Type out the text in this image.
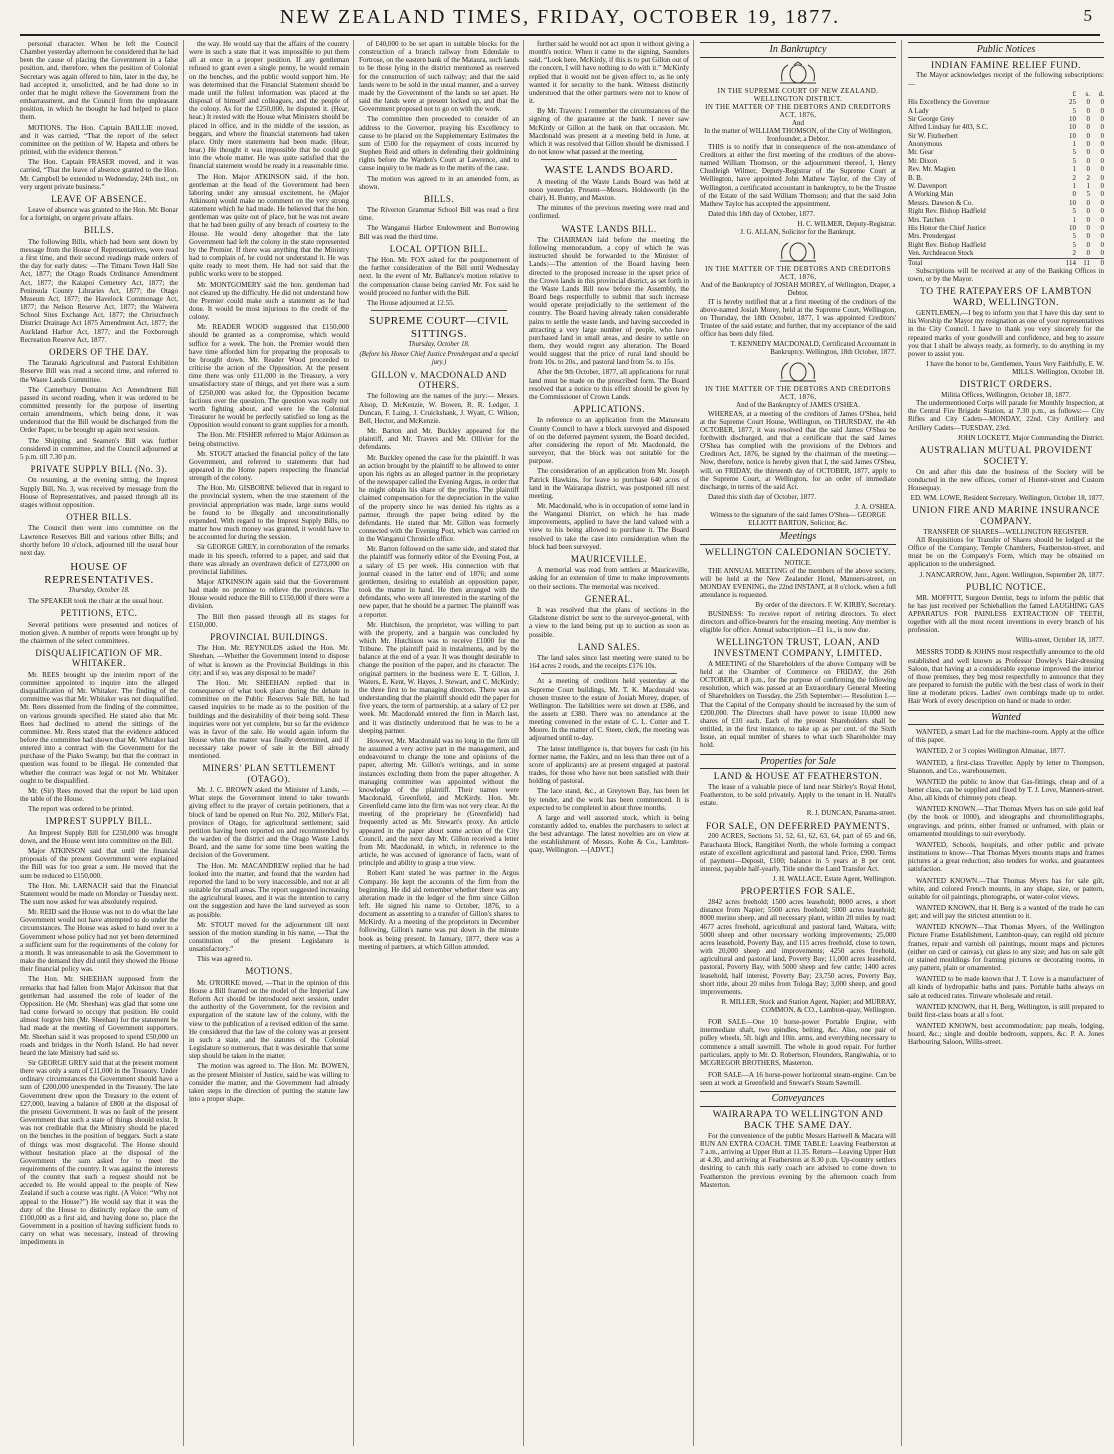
NEW ZEALAND TIMES, FRIDAY, OCTOBER 19, 1877.	5

personal character. When he left the Council Chamber yesterday afternoon he considered that he had been the cause of placing the Government in a false position, and, therefore, when the position of Colonial Secretary was again offered to him, later in the day, he had accepted it, unsolicited, and he had done so in order that he might relieve the Government from the embarrassment, and the Council from the unpleasant position, in which he thought he had helped to place them.

MOTIONS. The Hon. Captain BAILLIE moved, and it was carried, “That the report of the select committee on the petition of W. Hapeta and others be printed, with the evidence thereon.”

The Hon. Captain FRASER moved, and it was carried, “That the leave of absence granted to the Hon. Mr. Campbell be extended to Wednesday, 24th inst., on very urgent private business.”

LEAVE OF ABSENCE.

Leave of absence was granted to the Hon. Mr. Bonar for a fortnight, on urgent private affairs.

BILLS.

The following Bills, which had been sent down by message from the House of Representatives, were read a first time, and their second readings made orders of the day for early dates: —The Timaru Town Hall Site Act, 1877; the Otago Roads Ordinance Amendment Act, 1877; the Kaiapoi Cemetery Act, 1877; the Peninsula County Libraries Act, 1877; the Otago Museum Act, 1877; the Havelock Commonage Act, 1877; the Nelson Reserve Act, 1877; the Waiwera School Sites Exchange Act, 1877; the Christchurch District Drainage Act 1875 Amendment Act, 1877; the Auckland Harbor Act, 1877; and the Foxborough Recreation Reserve Act, 1877.

ORDERS OF THE DAY.

The Taranaki Agricultural and Pastoral Exhibition Reserve Bill was read a second time, and referred to the Waste Lands Committee.

The Canterbury Domains Act Amendment Bill passed its second reading, when it was ordered to be committed presently for the purpose of inserting certain amendments, which being done, it was understood that the Bill would be discharged from the Order Paper, to be brought up again next session.

The Shipping and Seamen's Bill was further considered in committee, and the Council adjourned at 5 p.m. till 7.30 p.m.

PRIVATE SUPPLY BILL (No. 3).

On resuming, at the evening sitting, the Imprest Supply Bill, No. 3, was received by message from the House of Representatives, and passed through all its stages without opposition.

OTHER BILLS.

The Council then went into committee on the Lawrence Reserves Bill and various other Bills; and shortly before 10 o'clock, adjourned till the usual hour next day.

HOUSE OF REPRESENTATIVES.
Thursday, October 18.

The SPEAKER took the chair at the usual hour.

PETITIONS, ETC.

Several petitions were presented and notices of motion given. A number of reports were brought up by the chairmen of the select committees.

DISQUALIFICATION OF MR. WHITAKER.

Mr. REES brought up the interim report of the committee appointed to inquire into the alleged disqualification of Mr. Whitaker. The finding of the committee was that Mr. Whitaker was not disqualified. Mr. Rees dissented from the finding of the committee, on various grounds specified. He stated also that Mr. Rees had declined to attend the sittings of the committee. Mr. Rees stated that the evidence adduced before the committee had shown that Mr. Whitaker had entered into a contract with the Government for the purchase of the Piako Swamp; but that the contract in question was found to be illegal. He contended that whether the contract was legal or not Mr. Whitaker ought to be disqualified.

Mr. (Sir) Rees moved that the report be laid upon the table of the House.

The report was ordered to be printed.

IMPREST SUPPLY BILL.

An Imprest Supply Bill for £250,000 was brought down, and the House went into committee on the Bill.

Major ATKINSON said that until the financial proposals of the present Government were explained the Bill was for too great a sum. He moved that the sum be reduced to £150,000.

The Hon. Mr. LARNACH said that the Financial Statement would be made on Monday or Tuesday next. The sum now asked for was absolutely required.

Mr. REID said the House was not to do what the late Government would not have attempted to do under the circumstances. The House was asked to hand over to a Government whose policy had not yet been determined a sufficient sum for the requirements of the colony for a month. It was unreasonable to ask the Government to make the demand they did until they showed the House their financial policy was.

The Hon. Mr. SHEEHAN supposed from the remarks that had fallen from Major Atkinson that that gentleman had assumed the role of leader of the Opposition. He (Mr. Sheehan) was glad that some one had come forward to occupy that position. He could almost forgive him (Mr. Sheehan) for the statement he had made at the meeting of Government supporters. Mr. Sheehan said it was proposed to spend £50,000 on roads and bridges in the North Island. He had never heard the late Ministry had said so.

Sir GEORGE GREY said that at the present moment there was only a sum of £11,000 in the Treasury. Under ordinary circumstances the Government should have a sum of £200,000 unexpended in the Treasury. The late Government drew upon the Treasury to the extent of £27,000, leaving a balance of £800 at the disposal of the present Government. It was no fault of the present Government that such a state of things should exist. It was not creditable that the Ministry should be placed on the benches in the position of beggars. Such a state of things was most disgraceful. The House should without hesitation place at the disposal of the Government the sum asked for to meet the requirements of the country. It was against the interests of the country that such a request should not be acceded to. He would appeal to the people of New Zealand if such a course was right. (A Voice: “Why not appeal to the House?”) He would say that it was the duty of the House to distinctly replace the sum of £100,000 as a first aid, and having done so, place the Government in a position of having sufficient funds to carry on what was necessary, instead of throwing impediments in

the way. He would say that the affairs of the country were in such a state that it was impossible to put them all at once in a proper position. If any gentleman refused to grant even a single penny, he would remain on the benches, and the public would support him. He was determined that the Financial Statement should be made until the fullest information was placed at the disposal of himself and colleagues, and the people of the colony. As for the £250,000, he disputed it. (Hear, hear.) It rested with the House what Ministers should be placed in office, and in the middle of the session, as beggars, and where the financial statements had taken place. Only mere statements had been made. (Hear, hear.) He thought it was impossible that he could go into the whole matter. He was quite satisfied that the financial statement would be ready in a reasonable time.

The Hon. Major ATKINSON said, if the hon. gentleman at the head of the Government had been laboring under any unusual excitement, he (Major Atkinson) would make no comment on the very strong statement which he had made. He believed that the hon. gentleman was quite out of place, but he was not aware that he had been guilty of any breach of courtesy to the House. He would deny altogether that the late Government had left the colony in the state represented by the Premier. If there was anything that the Ministry had to complain of, he could not understand it. He was quite ready to meet them. He had not said that the public works were to be stopped.

Mr. MONTGOMERY said the hon. gentleman had not cleared up the difficulty. He did not understand how the Premier could make such a statement as he had done. It would be most injurious to the credit of the colony.

Mr. READER WOOD suggested that £150,000 should be granted as a compromise, which would suffice for a week. The hon. the Premier would then have time afforded him for preparing the proposals to be brought down. Mr. Reader Wood proceeded to criticise the action of the Opposition. At the present time there was only £11,000 in the Treasury, a very unsatisfactory state of things, and yet there was a sum of £250,000 was asked for, the Opposition became factious over the question. The question was really not worth fighting about, and were he the Colonial Treasurer he would be perfectly satisfied so long as the Opposition would consent to grant supplies for a month.

The Hon. Mr. FISHER referred to Major Atkinson as being obstructive.

Mr. STOUT attacked the financial policy of the late Government, and referred to statements that had appeared in the Home papers respecting the financial strength of the colony.

The Hon. Mr. GISBORNE believed that in regard to the provincial system, when the true statement of the provincial appropriation was made, large sums would be found to be illegally and unconstitutionally expended. With regard to the Imprest Supply Bills, no matter how much money was granted, it would have to be accounted for during the session.

Sir GEORGE GREY, in corroboration of the remarks made in his speech, referred to a paper, and said that there was already an overdrawn deficit of £273,000 on provincial liabilities.

Major ATKINSON again said that the Government had made no promise to relieve the provinces. The House would reduce the Bill to £150,000 if there were a division.

The Bill then passed through all its stages for £150,000.

PROVINCIAL BUILDINGS.

The Hon. Mr. REYNOLDS asked the Hon. Mr. Sheehan, —Whether the Government intend to dispose of what is known as the Provincial Buildings in this city; and if so, was any disposal to be made?

The Hon. Mr. SHEEHAN replied that in consequence of what took place during the debate in committee on the Public Reserves Sale Bill, he had caused inquiries to be made as to the position of the buildings and the desirability of their being sold. These inquiries were not yet complete, but so far the evidence was in favor of the sale. He would again inform the House when the matter was finally determined, and if necessary take power of sale in the Bill already mentioned.

MINERS' PLAN SETTLEMENT (OTAGO).

Mr. J. C. BROWN asked the Minister of Lands, —What steps the Government intend to take towards giving effect to the prayer of certain petitioners, that a block of land be opened on Run No. 202, Miller's Flat, province of Otago, for agricultural settlement; said petition having been reported on and recommended by the warden of the district and the Otago Waste Lands Board, and the same for some time been waiting the decision of the Government.

The Hon. Mr. MACANDREW replied that he had looked into the matter, and found that the warden had reported the land to be very inaccessible, and not at all suitable for small areas. The report suggested increasing the agricultural leases, and it was the intention to carry out the suggestion and have the land surveyed as soon as possible.

Mr. STOUT moved for the adjournment till next session of the motion standing in his name, —That the constitution of the present Legislature is unsatisfactory.”

This was agreed to.

MOTIONS.

Mr. O'RORKE moved, —That in the opinion of this House a Bill framed on the model of the Imperial Law Reform Act should be introduced next session, under the authority of the Government, for the revision and expurgation of the statute law of the colony, with the view to the publication of a revised edition of the same. He considered that the law of the colony was at present in such a state, and the statutes of the Colonial Legislature so numerous, that it was desirable that some step should be taken in the matter.

The motion was agreed to. The Hon. Mr. BOWEN, as the present Minister of Justice, said he was willing to consider the matter, and the Government had already taken steps in the direction of putting the statute law into a proper shape.

of £40,000 to be set apart in suitable blocks for the construction of a branch railway from Edendale to Fortrose, on the eastern bank of the Mataura, such lands to be those lying in the district mentioned as reserved for the construction of such railway; and that the said lands were to be sold in the usual manner, and a survey made by the Government of the lands so set apart. He said the lands were at present locked up, and that the Government proposed not to go on with the work.

The committee then proceeded to consider of an address to the Governor, praying his Excellency to cause to be placed on the Supplementary Estimates the sum of £500 for the repayment of costs incurred by Stephen Reid and others in defending their goldmining rights before the Warden's Court at Lawrence, and to cause inquiry to be made as to the merits of the case.

The motion was agreed to in an amended form, as shown.

BILLS.

The Riverton Grammar School Bill was read a first time.

The Wanganui Harbor Endowment and Borrowing Bill was read the third time.

LOCAL OPTION BILL.

The Hon. Mr. FOX asked for the postponement of the further consideration of the Bill until Wednesday next. In the event of Mr. Ballance's motion relative to the compensation clause being carried Mr. Fox said he would proceed no further with the Bill.

The House adjourned at 12.55.

SUPREME COURT—CIVIL SITTINGS.
Thursday, October 18.
(Before his Honor Chief Justice Prendergast and a special jury.)
GILLON v. MACDONALD AND OTHERS.

The following are the names of the jury:— Messrs. Alsop, D. McKenzie, W. Bowen, R. R. Ledger, J. Duncan, F. Laing, J. Cruickshank, J. Wyatt, C. Wilson, Bell, Hector, and McKenzie.

Mr. Barton and Mr. Buckley appeared for the plaintiff, and Mr. Travers and Mr. Ollivier for the defendants.

Mr. Buckley opened the case for the plaintiff. It was an action brought by the plaintiff to be allowed to enter upon his rights as an alleged partner in the proprietary of the newspaper called the Evening Argus, in order that he might obtain his share of the profits. The plaintiff claimed compensation for the depreciation in the value of the property since he was denied his rights as a partner, through the paper being edited by the defendants. He stated that Mr. Gillon was formerly connected with the Evening Post, which was carried on in the Wanganui Chronicle office.

Mr. Barton followed on the same side, and stated that the plaintiff was formerly editor of the Evening Post, at a salary of £5 per week. His connection with that journal ceased in the latter end of 1876; and some gentlemen, desiring to establish an opposition paper, took the matter in hand. He then arranged with the defendants, who were all interested in the starting of the new paper, that he should be a partner. The plaintiff was a reporter.

Mr. Hutchison, the proprietor, was willing to part with the property, and a bargain was concluded by which Mr. Hutchison was to receive £1000 for the Tribune. The plaintiff paid in instalments, and by the balance at the end of a year. It was thought desirable to change the position of the paper, and its character. The original partners in the business were E. T. Gillon, J. Waters, E. Kent, W. Hayes, J. Stewart, and C. McKirdy; the three first to be managing directors. There was an understanding that the plaintiff should edit the paper for five years, the term of partnership, at a salary of £2 per week. Mr. Macdonald entered the firm in March last, and it was distinctly understood that he was to be a sleeping partner.

However, Mr. Macdonald was no long in the firm till he assumed a very active part in the management, and endeavoured to change the tone and opinions of the paper, altering Mr. Gillon's writings, and in some instances excluding them from the paper altogether. A managing committee was appointed without the knowledge of the plaintiff. Their names were Macdonald, Greenfield, and McKirdy. Hon. Mr. Greenfield came into the firm was not very clear. At the meeting of the proprietary he (Greenfield) had frequently acted as Mr. Stewart's proxy. An article appeared in the paper about some action of the City Council, and the next day Mr. Gillon received a letter from Mr. Macdonald, in which, in reference to the article, he was accused of ignorance of facts, want of principle and ability to grasp a true view.

Robert Kant stated he was partner in the Argus Company. He kept the accounts of the firm from the beginning. He did aid remember whether there was any alteration made in the ledger of the firm since Gillon left. He signed his name to October, 1876, to a document as assenting to a transfer of Gillon's shares to McKirdy. At a meeting of the proprietors in December following, Gillon's name was put down in the minute book as being present. In January, 1877, there was a meeting of partners, at which Gillon attended.

further said he would not act upon it without giving a month's notice. When it came to the signing, Saunders said, “Look here, McKirdy, if this is to put Gillon out of the concern, I will have nothing to do with it.” McKirdy replied that it would not be given effect to, as he only wanted it for security to the bank. Witness distinctly understood that the other partners were not to know of it.

By Mr. Travers: I remember the circumstances of the signing of the guarantee at the bank. I never saw McKirdy or Gillon at the bank on that occasion. Mr. Macdonald was present at a meeting held in June, at which it was resolved that Gillon should be dismissed. I do not know what passed at the meeting.

WASTE LANDS BOARD.

A meeting of the Waste Lands Board was held at noon yesterday. Present—Messrs. Holdsworth (in the chair), H. Bunny, and Maxton.

The minutes of the previous meeting were read and confirmed.

WASTE LANDS BILL.

The CHAIRMAN laid before the meeting the following memorandum, a copy of which he was instructed should be forwarded to the Minister of Lands:—The attention of the Board having been directed to the proposed increase in the upset price of the Crown lands in this provincial district, as set forth in the Waste Lands Bill now before the Assembly, the Board begs respectfully to submit that such increase would operate prejudicially to the settlement of the country. The Board having already taken considerable pains to settle the waste lands, and having succeeded in attracting a very large number of people, who have purchased land in small areas, and desire to settle on them, they would regret any alteration. The Board would suggest that the price of rural land should be from 10s. to 20s., and pastoral land from 5s. to 15s.

After the 9th October, 1877, all applications for rural land must be made on the prescribed form. The Board resolved that a notice to this effect should be given by the Commissioner of Crown Lands.

APPLICATIONS.

In reference to an application from the Manawatu County Council to have a block surveyed and disposed of on the deferred payment system, the Board decided, after considering the report of Mr. Macdonald, the surveyor, that the block was not suitable for the purpose.

The consideration of an application from Mr. Joseph Patrick Hawkins, for leave to purchase 640 acres of land in the Wairarapa district, was postponed till next meeting.

Mr. Macdonald, who is in occupation of some land in the Wanganui District, on which he has made improvements, applied to have the land valued with a view to his being allowed to purchase it. The Board resolved to take the case into consideration when the block had been surveyed.

MAURICEVILLE.

A memorial was read from settlers at Mauriceville, asking for an extension of time to make improvements on their sections. The memorial was received.

GENERAL.

It was resolved that the plans of sections in the Gladstone district be sent to the surveyor-general, with a view to the land being put up to auction as soon as possible.

LAND SALES.

The land sales since last meeting were stated to be 164 acres 2 roods, and the receipts £176 10s.

At a meeting of creditors held yesterday at the Supreme Court buildings, Mr. T. K. Macdonald was chosen trustee to the estate of Josiah Morey, draper, of Wellington. The liabilities were set down at £586, and the assets at £380. There was no attendance at the meeting convened in the estate of C. L. Cotter and T. Moore. In the matter of C. Steen, clerk, the meeting was adjourned until to-day.

The latest intelligence is, that buyers for cash (in his former name, the Fakirs, and no less than three out of a score of applicants) are at present engaged at pastoral trades, for those who have not been satisfied with their holding of pastoral.

The lace stand, &c., at Greytown Bay, has been let by tender, and the work has been commenced. It is expected to be completed in about three months.

A large and well assorted stock, which is being constantly added to, enables the purchasers to select at the best advantage. The latest novelties are on view at the establishment of Messrs. Kohn & Co., Lambton-quay, Wellington. —[ADVT.]

In Bankruptcy
IN THE SUPREME COURT OF NEW ZEALAND. WELLINGTON DISTRICT.
IN THE MATTER OF THE DEBTORS AND CREDITORS ACT, 1876,
And
In the matter of WILLIAM THOMSON, of the City of Wellington, Ironfounder, a Debtor.

THIS is to notify that in consequence of the non-attendance of Creditors at either the first meeting of the creditors of the above-named William Thomson, or the adjournment thereof, I, Henry Chudleigh Wilmer, Deputy-Registrar of the Supreme Court at Wellington, have appointed John Mathew Taylor, of the City of Wellington, a certificated accountant in bankruptcy, to be the Trustee of the Estate of the said William Thomson; and that the said John Mathew Taylor has accepted the appointment.

Dated this 18th day of October, 1877.

H. C. WILMER, Deputy-Registrar.
J. G. ALLAN, Solicitor for the Bankrupt.
IN THE MATTER OF THE DEBTORS AND CREDITORS ACT, 1876,
And of the Bankruptcy of JOSIAH MOREY, of Wellington, Draper, a Debtor.

IT is hereby notified that at a first meeting of the creditors of the above-named Josiah Morey, held at the Supreme Court, Wellington, on Thursday, the 18th October, 1877, I was appointed Creditors' Trustee of the said estate; and further, that my acceptance of the said office has been duly filed.

T. KENNEDY MACDONALD, Certificated Accountant in Bankruptcy. Wellington, 18th October, 1877.
IN THE MATTER OF THE DEBTORS AND CREDITORS ACT, 1876,
And of the Bankruptcy of JAMES O'SHEA.

WHEREAS, at a meeting of the creditors of James O'Shea, held at the Supreme Court House, Wellington, on THURSDAY, the 4th OCTOBER, 1877, it was resolved that the said James O'Shea be forthwith discharged, and that a certificate that the said James O'Shea has complied with the provisions of the Debtors and Creditors Act, 1876, be signed by the chairman of the meeting:—Now, therefore, notice is hereby given that I, the said James O'Shea, will, on FRIDAY, the thirteenth day of OCTOBER, 1877, apply to the Supreme Court, at Wellington, for an order of immediate discharge, in terms of the said Act.

Dated this sixth day of October, 1877.

J. A. O'SHEA.
Witness to the signature of the said James O'Shea— GEORGE ELLIOTT BARTON, Solicitor, &c.
Meetings
WELLINGTON CALEDONIAN SOCIETY.
NOTICE.

THE ANNUAL MEETING of the members of the above society, will be held at the New Zealander Hotel, Manners-street, on MONDAY EVENING, the 22nd INSTANT, at 8 o'clock, when a full attendance is requested.

By order of the directors. F. W. KIRBY, Secretary.

BUSINESS: To receive report of retiring directors. To elect directors and office-bearers for the ensuing meeting. Any member is eligible for office. Annual subscription—£1 1s., is now due.

WELLINGTON TRUST, LOAN, AND INVESTMENT COMPANY, LIMITED.

A MEETING of the Shareholders of the above Company will be held at the Chamber of Commerce on FRIDAY, the 26th OCTOBER, at 8 p.m., for the purpose of confirming the following resolution, which was passed at an Extraordinary General Meeting of Shareholders on Tuesday, the 25th September:— Resolution I.—That the Capital of the Company should be increased by the sum of £200,000. The Directors shall have power to issue 10,000 new shares of £10 each. Each of the present Shareholders shall be entitled, in the first instance, to take up as per cent. of the Sixth Issue, an equal number of shares to what such Shareholder may hold.

Properties for Sale
LAND & HOUSE AT FEATHERSTON.

The lease of a valuable piece of land near Shirley's Royal Hotel, Featherston, to be sold privately. Apply to the tenant in H. Nutall's estate.

R. J. DUNCAN, Panama-street.
FOR SALE, ON DEFERRED PAYMENTS.

200 ACRES, Sections 51, 52, 61, 62, 63, 64, part of 65 and 66, Parachauta Block, Rangitikei North, the whole forming a compact estate of excellent agricultural and pastoral land. Price, £900. Terms of payment—Deposit, £100; balance in 5 years at 8 per cent. interest, payable half-yearly. Title under the Land Transfer Act.

J. H. WALLACE, Estate Agent, Wellington.
PROPERTIES FOR SALE.

2842 acres freehold; 1500 acres leasehold; 8000 acres, a short distance from Napier; 5500 acres freehold; 5000 acres leasehold; 8000 merino sheep, and all necessary plant, within 20 miles by road; 4677 acres freehold, agricultural and pastoral land, Waitara, with; 5000 sheep and other necessary working improvements; 25,000 acres leasehold, Poverty Bay, and 115 acres freehold, close to town, with 20,000 sheep and improvements; 4250 acres freehold, agricultural and pastoral land, Poverty Bay; 11,000 acres leasehold, pastoral, Poverty Bay, with 5000 sheep and few cattle; 1400 acres leasehold, half interest, Poverty Bay; 23,750 acres, Poverty Bay, short title, about 20 miles from Tologa Bay; 3,000 sheep, and good improvements.

R. MILLER, Stock and Station Agent, Napier; and MURRAY, COMMON, & CO., Lambton-quay, Wellington.

FOR SALE—One 10 horse-power Portable Engine, with intermediate shaft, two spindles, belting, &c. Also, one pair of pulley wheels, 5ft. high and 10in. arms, and everything necessary to commence a small sawmill. The whole in good repair. For further particulars, apply to Mr. D. Robertson, Flounders, Rangiwahia, or to MCGREGOR BROTHERS, Masterton.

FOR SALE—A 16 horse-power horizontal steam-engine. Can be seen at work at Greenfield and Stewart's Steam Sawmill.

Conveyances
WAIRARAPA TO WELLINGTON AND BACK THE SAME DAY.

For the convenience of the public Messrs Hartwell & Macara will RUN AN EXTRA COACH. TIME TABLE: Leaving Featherston at 7 a.m., arriving at Upper Hutt at 11.35. Return—Leaving Upper Hutt at 4.30, and arriving at Featherston at 8.30 p.m. Up-country settlers desiring to catch this early coach are advised to come down to Featherston the previous evening by the afternoon coach from Masterton.

Public Notices
INDIAN FAMINE RELIEF FUND.

The Mayor acknowledges receipt of the following subscriptions:—

	£	s.	d.
His Excellency the Governor	25	0	0
A Lady	5	0	0
Sir George Grey	10	0	0
Alfred Lindsay for 403, S.C.	10	0	0
Sir W. Fitzherbert	10	0	0
Anonymous	1	0	0
Mr. Gear	5	0	0
Mr. Dixon	5	0	0
Rev. Mr. Magien	1	0	0
B. B.	2	2	0
W. Davenport	1	1	0
A Working Man	0	5	0
Messrs. Dawson & Co.	10	0	0
Right Rev. Bishop Hadfield	5	0	0
Mrs. Tatchen	1	0	0
His Honor the Chief Justice	10	0	0
Mrs. Prendergast	5	0	0
Right Rev. Bishop Hadfield	5	0	0
Ven. Archdeacon Stock	2	0	0
Total	114	11	0

Subscriptions will be received at any of the Banking Offices in town, or by the Mayor.

TO THE RATEPAYERS OF LAMBTON WARD, WELLINGTON.

GENTLEMEN,—I beg to inform you that I have this day sent to his Worship the Mayor my resignation as one of your representatives in the City Council. I have to thank you very sincerely for the repeated marks of your goodwill and confidence, and beg to assure you that I shall be always ready, as formerly, to do anything in my power to assist you.

I have the honor to be, Gentlemen, Yours Very Faithfully, E. W. MILLS. Wellington, October 18.
DISTRICT ORDERS.
Militia Offices, Wellington, October 18, 1877.

The undermentioned Corps will parade for Monthly Inspection, at the Central Fire Brigade Station, at 7.30 p.m., as follows:— City Rifles and City Cadets—MONDAY, 22nd. City Artillery and Artillery Cadets—TUESDAY, 23rd.

JOHN LOCKETT, Major Commanding the District.
AUSTRALIAN MUTUAL PROVIDENT SOCIETY.

On and after this date the business of the Society will be conducted in the new offices, corner of Hunter-street and Custom Housequay.

ED. WM. LOWE, Resident Secretary. Wellington, October 18, 1877.
UNION FIRE AND MARINE INSURANCE COMPANY.
TRANSFER OF SHARES—WELLINGTON REGISTER.

All Requisitions for Transfer of Shares should be lodged at the Office of the Company, Temple Chambers, Featherston-street, and must be on the Company's Form, which may be obtained on application to the undersigned.

J. NANCARROW, Junr., Agent. Wellington, September 28, 1877.
PUBLIC NOTICE.

MR. MOFFITT, Surgeon Dentist, begs to inform the public that he has just received per Schiehallion the famed LAUGHING GAS APPARATUS FOR PAINLESS EXTRACTION OF TEETH, together with all the most recent inventions in every branch of his profession.

Willis-street, October 18, 1877.

MESSRS TODD & JOHNS most respectfully announce to the old established and well known as Professor Dowley's Hair-dressing Saloon, that having at a considerable expense improved the interior of those premises, they beg most respectfully to announce that they are prepared to furnish the public with the best class of work in their line at moderate prices. Ladies' own combings made up to order. Hair Work of every description on hand or made to order.

Wanted

WANTED, a smart Lad for the machine-room. Apply at the office of this paper.

WANTED, 2 or 3 copies Wellington Almanac, 1877.

WANTED, a first-class Traveller. Apply by letter to Thompson, Shannon, and Co., warehousemen.

WANTED the public to know that Gas-fittings, cheap and of a better class, can be supplied and fixed by T. J. Love, Manners-street. Also, all kinds of chimney pots cheap.

WANTED KNOWN.—That Thomas Myers has on sale gold leaf (by the book or 1000), and ideographs and chromolithographs, engravings, and prints, either framed or unframed, with plain or ornamented mouldings to suit everybody.

WANTED, Schools, hospitals, and other public and private institutions to know—That Thomas Myers mounts maps and frames pictures at a great reduction; also tenders for works, and guarantees satisfaction.

WANTED KNOWN.—That Thomas Myers has for sale gilt, white, and colored French mounts, in any shape, size, or pattern, suitable for oil paintings, photographs, or water-color views.

WANTED KNOWN, that H. Berg is a wanted of the trade he can get; and will pay the strictest attention to it.

WANTED KNOWN—That Thomas Myers, of the Wellington Picture Frame Establishment, Lambton-quay, can regild old picture frames, repair and varnish oil paintings, mount maps and pictures (either on card or canvas), cut glass to any size; and has on sale gilt or stained mouldings for framing pictures or decorating rooms, in any pattern, plain or ornamented.

WANTED to be made known that J. T. Love is a manufacturer of all kinds of hydropathic baths and pans. Portable baths always on sale at reduced rates. Tinware wholesale and retail.

WANTED KNOWN, that H. Berg, Wellington, is still prepared to build first-class boats at all s foot.

WANTED KNOWN, best accommodation; pap meals, lodging, board, &c.; single and double bedroom, suppers, &c. P. A. Jones Harbouring Saloon, Willis-street.
